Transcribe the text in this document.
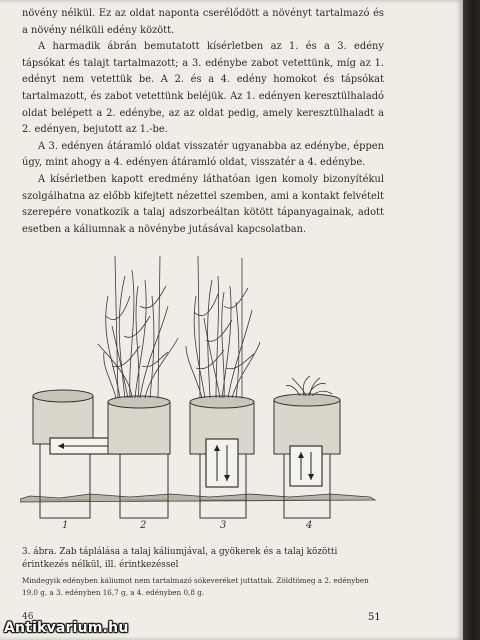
növény nélkül. Ez az oldat naponta cserélődött a növényt tartalmazó és a növény nélküli edény között.

A harmadik ábrán bemutatott kísérletben az 1. és a 3. edény tápsókat és talajt tartalmazott; a 3. edénybe zabot vetettünk, míg az 1. edényt nem vetettük be. A 2. és a 4. edény homokot és tápsókat tartalmazott, és zabot vetettünk beléjük. Az 1. edényen keresztülhaladó oldat belépett a 2. edénybe, az az oldat pedig, amely keresztülhaladt a 2. edényen, bejutott az 1.-be.

A 3. edényen átáramló oldat visszatér ugyanabba az edénybe, éppen úgy, mint ahogy a 4. edényen átáramló oldat, visszatér a 4. edénybe.

A kísérletben kapott eredmény láthatóan igen komoly bizonyítékul szolgálhatna az előbb kifejtett nézettel szemben, ami a kontakt felvételt szerepére vonatkozik a talaj adszorbeáltan kötött tápanyagainak, adott esetben a káliumnak a növénybe jutásával kapcsolatban.

1	2	3	4
3. ábra. Zab táplálása a talaj káliumjával, a gyökerek és a talaj közötti érintkezés nélkül, ill. érintkezéssel
Mindegyik edényben káliumot nem tartalmazó sókeveréket juttattak. Zöldtömeg a 2. edényben 19,0 g, a 3. edényben 16,7 g, a 4. edényben 0,8 g.
46	51
Antikvarium.hu
